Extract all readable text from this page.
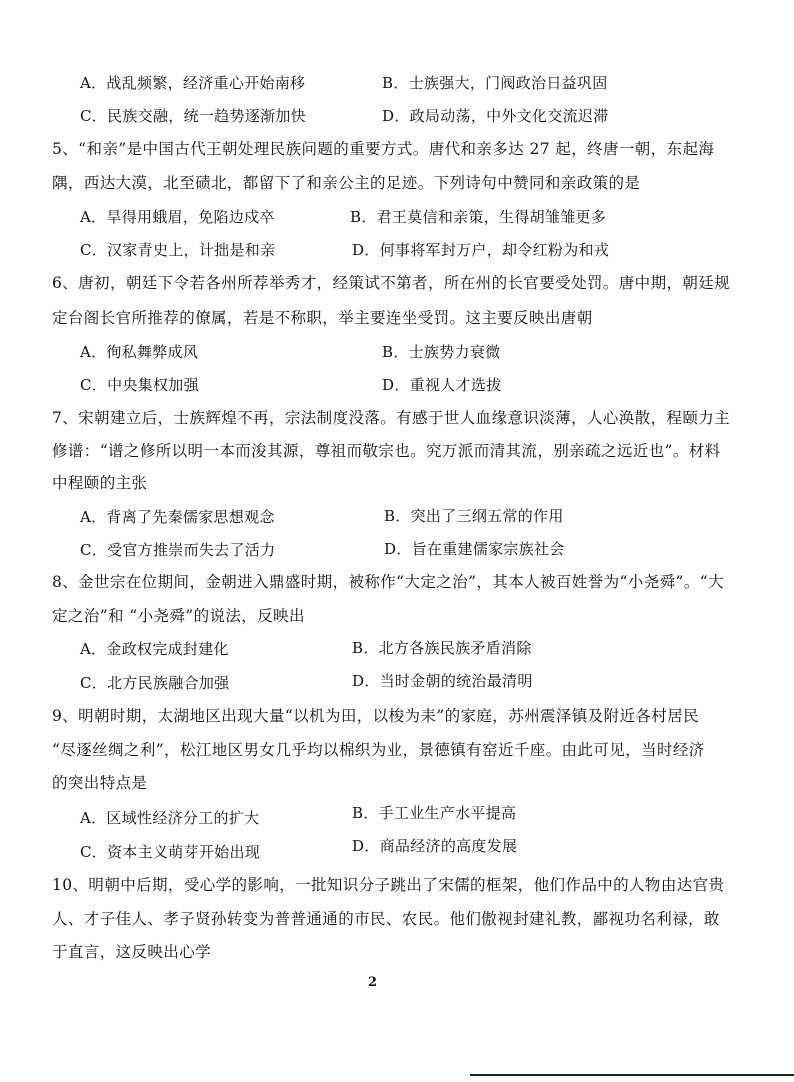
A．战乱频繁，经济重心开始南移	B．士族强大，门阀政治日益巩固
C．民族交融，统一趋势逐渐加快	D．政局动荡，中外文化交流迟滞
5、“和亲”是中国古代王朝处理民族问题的重要方式。唐代和亲多达 27 起，终唐一朝，东起海
隅，西达大漠，北至碛北，都留下了和亲公主的足迹。下列诗句中赞同和亲政策的是
A．旱得用蛾眉，免陷边戍卒	B．君王莫信和亲策，生得胡雏雏更多
C．汉家青史上，计拙是和亲	D．何事将军封万户，却令红粉为和戎
6、唐初，朝廷下令若各州所荐举秀才，经策试不第者，所在州的长官要受处罚。唐中期，朝廷规
定台阁长官所推荐的僚属，若是不称职，举主要连坐受罚。这主要反映出唐朝
A．徇私舞弊成风	B．士族势力衰微
C．中央集权加强	D．重视人才选拔
7、宋朝建立后，士族辉煌不再，宗法制度没落。有感于世人血缘意识淡薄，人心涣散，程颐力主
修谱：“谱之修所以明一本而浚其源，尊祖而敬宗也。究万派而清其流，别亲疏之远近也”。材料
中程颐的主张
A．背离了先秦儒家思想观念	B．突出了三纲五常的作用
C．受官方推崇而失去了活力	D．旨在重建儒家宗族社会
8、金世宗在位期间，金朝进入鼎盛时期，被称作“大定之治”，其本人被百姓誉为“小尧舜”。“大
定之治”和 “小尧舜”的说法，反映出
A．金政权完成封建化	B．北方各族民族矛盾消除
C．北方民族融合加强	D．当时金朝的统治最清明
9、明朝时期，太湖地区出现大量“以机为田，以梭为耒”的家庭，苏州震泽镇及附近各村居民
“尽逐丝绸之利”，松江地区男女几乎均以棉织为业，景德镇有窑近千座。由此可见，当时经济
的突出特点是
A．区域性经济分工的扩大	B．手工业生产水平提高
C．资本主义萌芽开始出现	D．商品经济的高度发展
10、明朝中后期，受心学的影响，一批知识分子跳出了宋儒的框架，他们作品中的人物由达官贵
人、才子佳人、孝子贤孙转变为普普通通的市民、农民。他们傲视封建礼教，鄙视功名利禄，敢
于直言，这反映出心学
2
